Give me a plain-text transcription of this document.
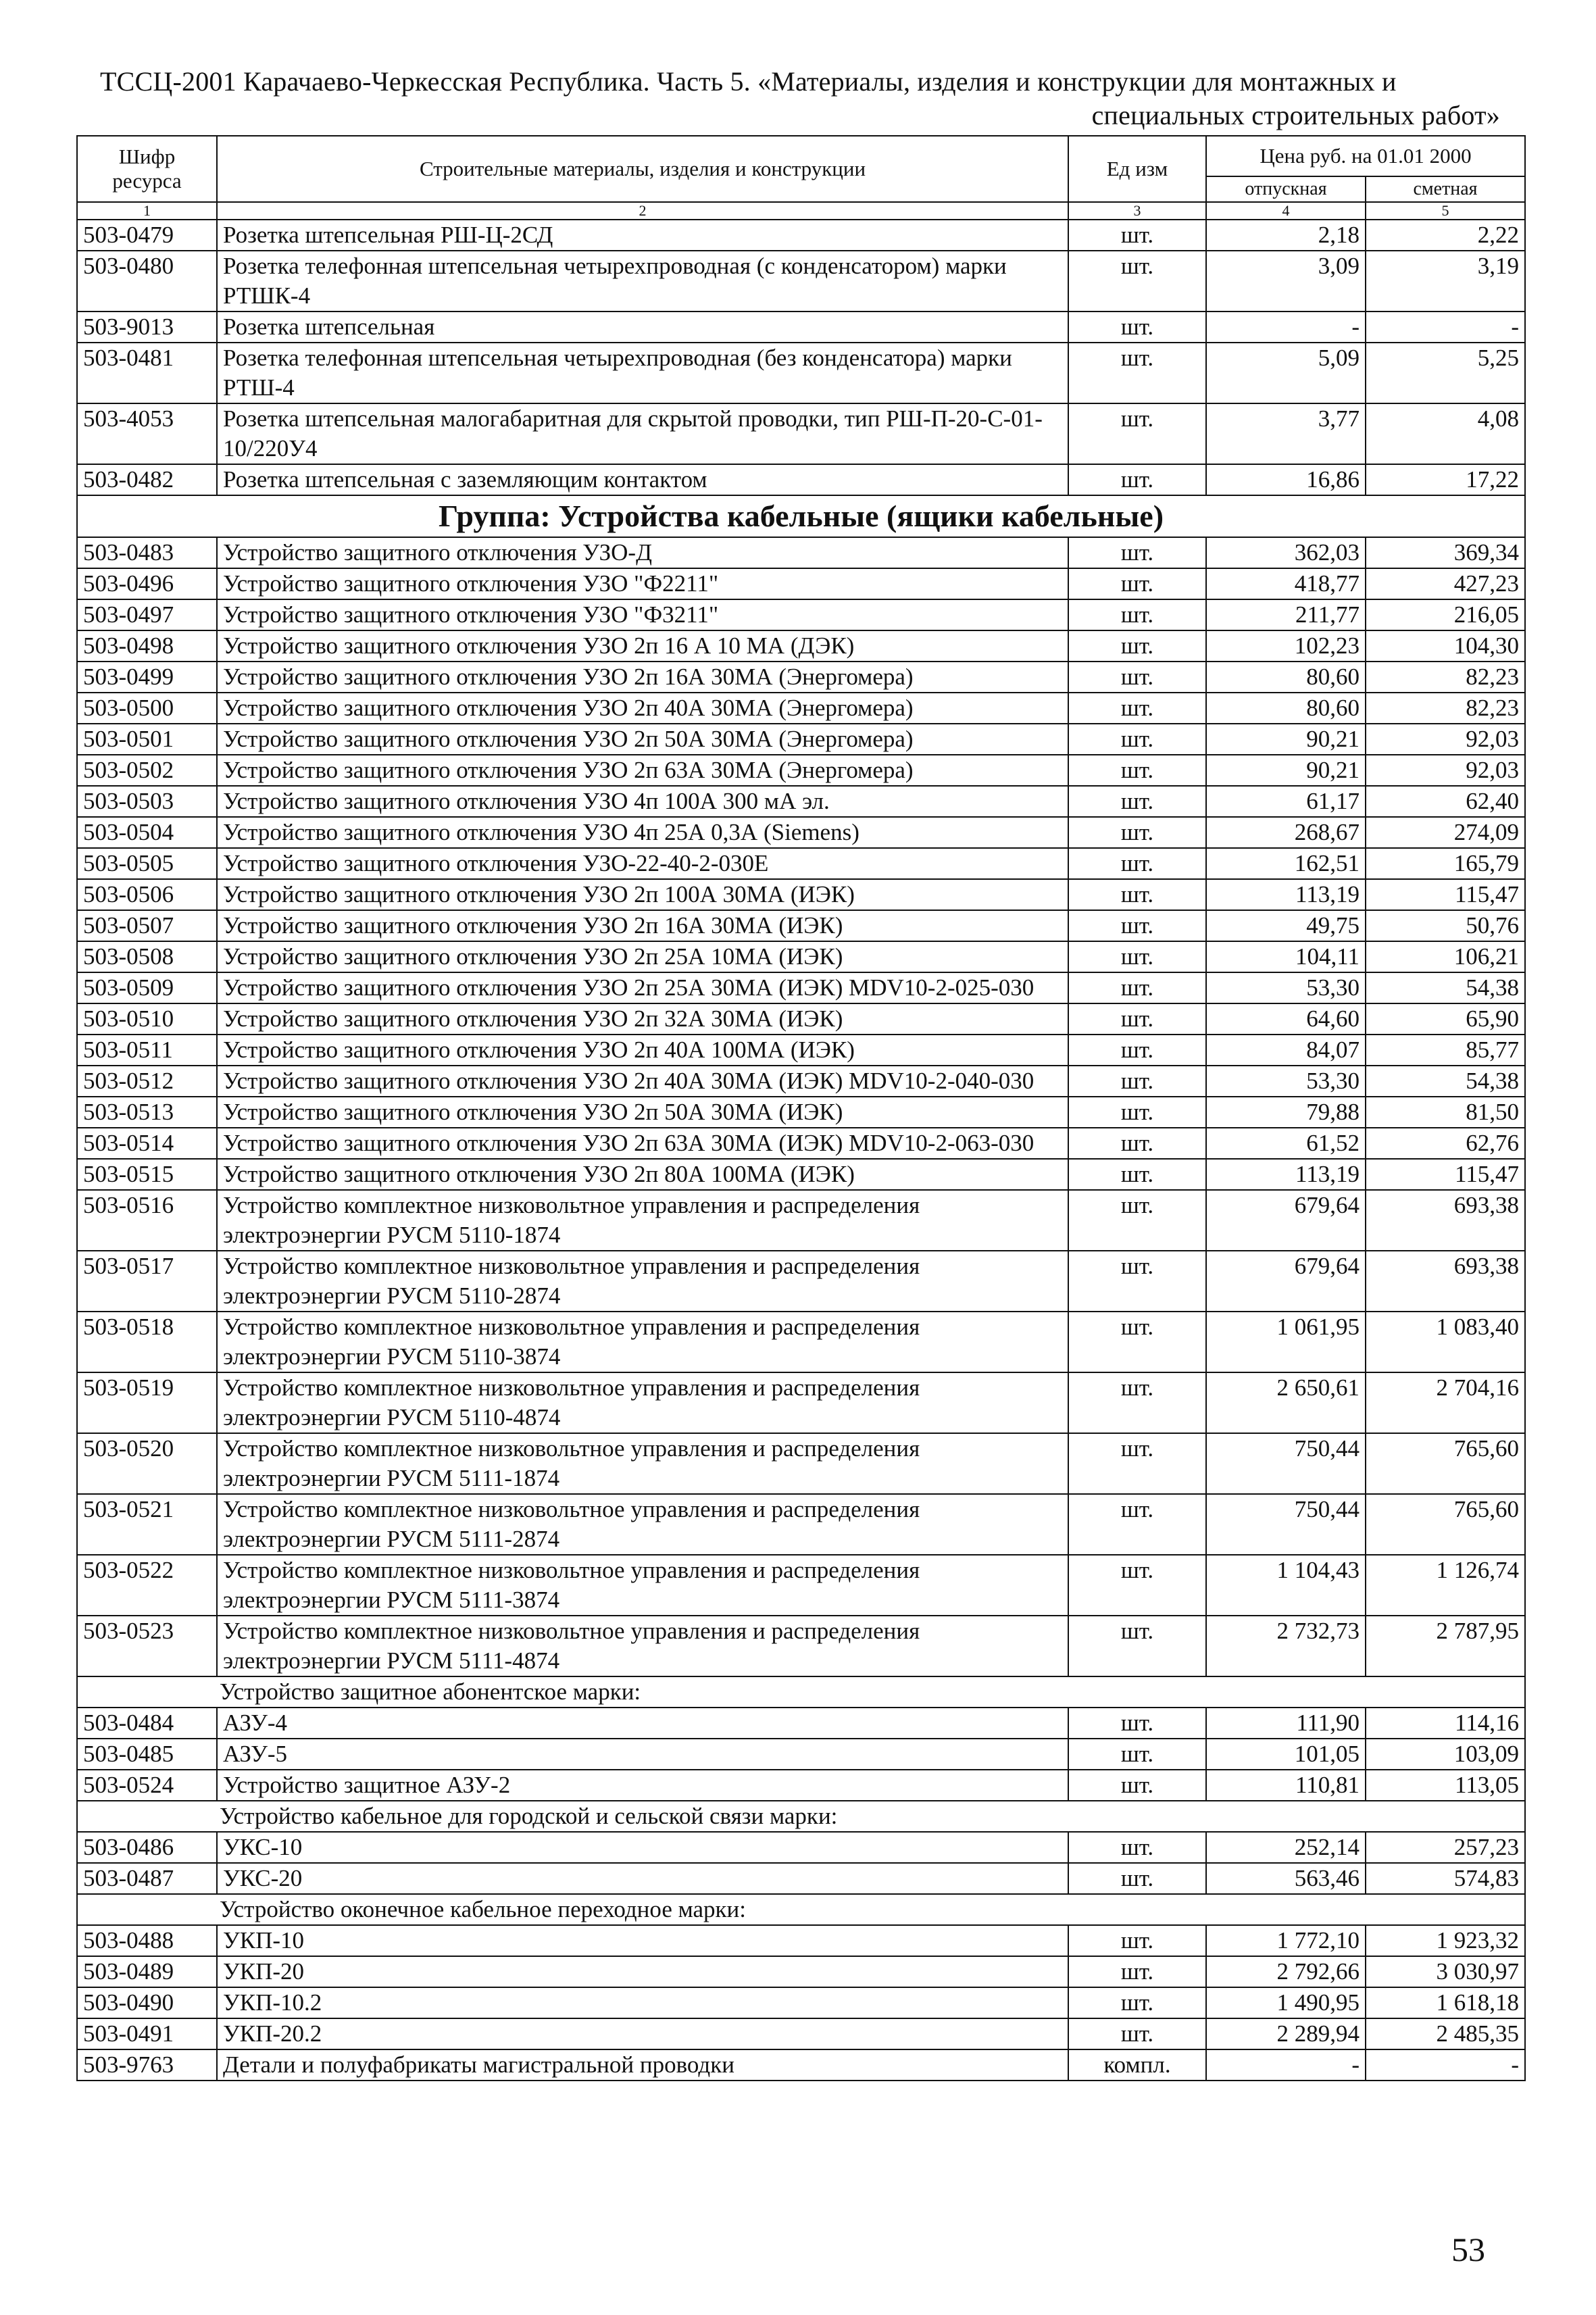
ТССЦ-2001 Карачаево-Черкесская Республика. Часть 5. «Материалы, изделия и конструкции для монтажных и
специальных строительных работ»
Шифр ресурса	Строительные материалы, изделия и конструкции	Ед изм	Цена руб. на 01.01 2000	
			отпускная	сметная
1	2	3	4	5
503-0479	Розетка штепсельная РШ-Ц-2СД	шт.	2,18	2,22
503-0480	Розетка телефонная штепсельная четырехпроводная (с конденсатором) марки РТШК-4	шт.	3,09	3,19
503-9013	Розетка штепсельная	шт.	-	-
503-0481	Розетка телефонная штепсельная четырехпроводная (без конденсатора) марки РТШ-4	шт.	5,09	5,25
503-4053	Розетка штепсельная малогабаритная для скрытой проводки, тип РШ-П-20-С-01-10/220У4	шт.	3,77	4,08
503-0482	Розетка штепсельная с заземляющим контактом	шт.	16,86	17,22
Группа: Устройства кабельные (ящики кабельные)				
503-0483	Устройство защитного отключения УЗО-Д	шт.	362,03	369,34
503-0496	Устройство защитного отключения УЗО "Ф2211"	шт.	418,77	427,23
503-0497	Устройство защитного отключения УЗО "Ф3211"	шт.	211,77	216,05
503-0498	Устройство защитного отключения УЗО 2п 16 А 10 МА (ДЭК)	шт.	102,23	104,30
503-0499	Устройство защитного отключения УЗО 2п 16А 30МА (Энергомера)	шт.	80,60	82,23
503-0500	Устройство защитного отключения УЗО 2п 40А 30МА (Энергомера)	шт.	80,60	82,23
503-0501	Устройство защитного отключения УЗО 2п 50А 30МА (Энергомера)	шт.	90,21	92,03
503-0502	Устройство защитного отключения УЗО 2п 63А 30МА (Энергомера)	шт.	90,21	92,03
503-0503	Устройство защитного отключения УЗО 4п 100А 300 мА эл.	шт.	61,17	62,40
503-0504	Устройство защитного отключения УЗО 4п 25А 0,3А (Siemens)	шт.	268,67	274,09
503-0505	Устройство защитного отключения УЗО-22-40-2-030Е	шт.	162,51	165,79
503-0506	Устройство защитного отключения УЗО 2п 100А 30МА (ИЭК)	шт.	113,19	115,47
503-0507	Устройство защитного отключения УЗО 2п 16А 30МА (ИЭК)	шт.	49,75	50,76
503-0508	Устройство защитного отключения УЗО 2п 25А 10МА (ИЭК)	шт.	104,11	106,21
503-0509	Устройство защитного отключения УЗО 2п 25А 30МА (ИЭК) MDV10-2-025-030	шт.	53,30	54,38
503-0510	Устройство защитного отключения УЗО 2п 32А 30МА (ИЭК)	шт.	64,60	65,90
503-0511	Устройство защитного отключения УЗО 2п 40А 100МА (ИЭК)	шт.	84,07	85,77
503-0512	Устройство защитного отключения УЗО 2п 40А 30МА (ИЭК) MDV10-2-040-030	шт.	53,30	54,38
503-0513	Устройство защитного отключения УЗО 2п 50А 30МА (ИЭК)	шт.	79,88	81,50
503-0514	Устройство защитного отключения УЗО 2п 63А 30МА (ИЭК) MDV10-2-063-030	шт.	61,52	62,76
503-0515	Устройство защитного отключения УЗО 2п 80А 100МА (ИЭК)	шт.	113,19	115,47
503-0516	Устройство комплектное низковольтное управления и распределения электроэнергии РУСМ 5110-1874	шт.	679,64	693,38
503-0517	Устройство комплектное низковольтное управления и распределения электроэнергии РУСМ 5110-2874	шт.	679,64	693,38
503-0518	Устройство комплектное низковольтное управления и распределения электроэнергии РУСМ 5110-3874	шт.	1 061,95	1 083,40
503-0519	Устройство комплектное низковольтное управления и распределения электроэнергии РУСМ 5110-4874	шт.	2 650,61	2 704,16
503-0520	Устройство комплектное низковольтное управления и распределения электроэнергии РУСМ 5111-1874	шт.	750,44	765,60
503-0521	Устройство комплектное низковольтное управления и распределения электроэнергии РУСМ 5111-2874	шт.	750,44	765,60
503-0522	Устройство комплектное низковольтное управления и распределения электроэнергии РУСМ 5111-3874	шт.	1 104,43	1 126,74
503-0523	Устройство комплектное низковольтное управления и распределения электроэнергии РУСМ 5111-4874	шт.	2 732,73	2 787,95
Устройство защитное абонентское марки:				
503-0484	АЗУ-4	шт.	111,90	114,16
503-0485	АЗУ-5	шт.	101,05	103,09
503-0524	Устройство защитное АЗУ-2	шт.	110,81	113,05
Устройство кабельное для городской и сельской связи марки:				
503-0486	УКС-10	шт.	252,14	257,23
503-0487	УКС-20	шт.	563,46	574,83
Устройство оконечное кабельное переходное марки:				
503-0488	УКП-10	шт.	1 772,10	1 923,32
503-0489	УКП-20	шт.	2 792,66	3 030,97
503-0490	УКП-10.2	шт.	1 490,95	1 618,18
503-0491	УКП-20.2	шт.	2 289,94	2 485,35
503-9763	Детали и полуфабрикаты магистральной проводки	компл.	-	-
53
